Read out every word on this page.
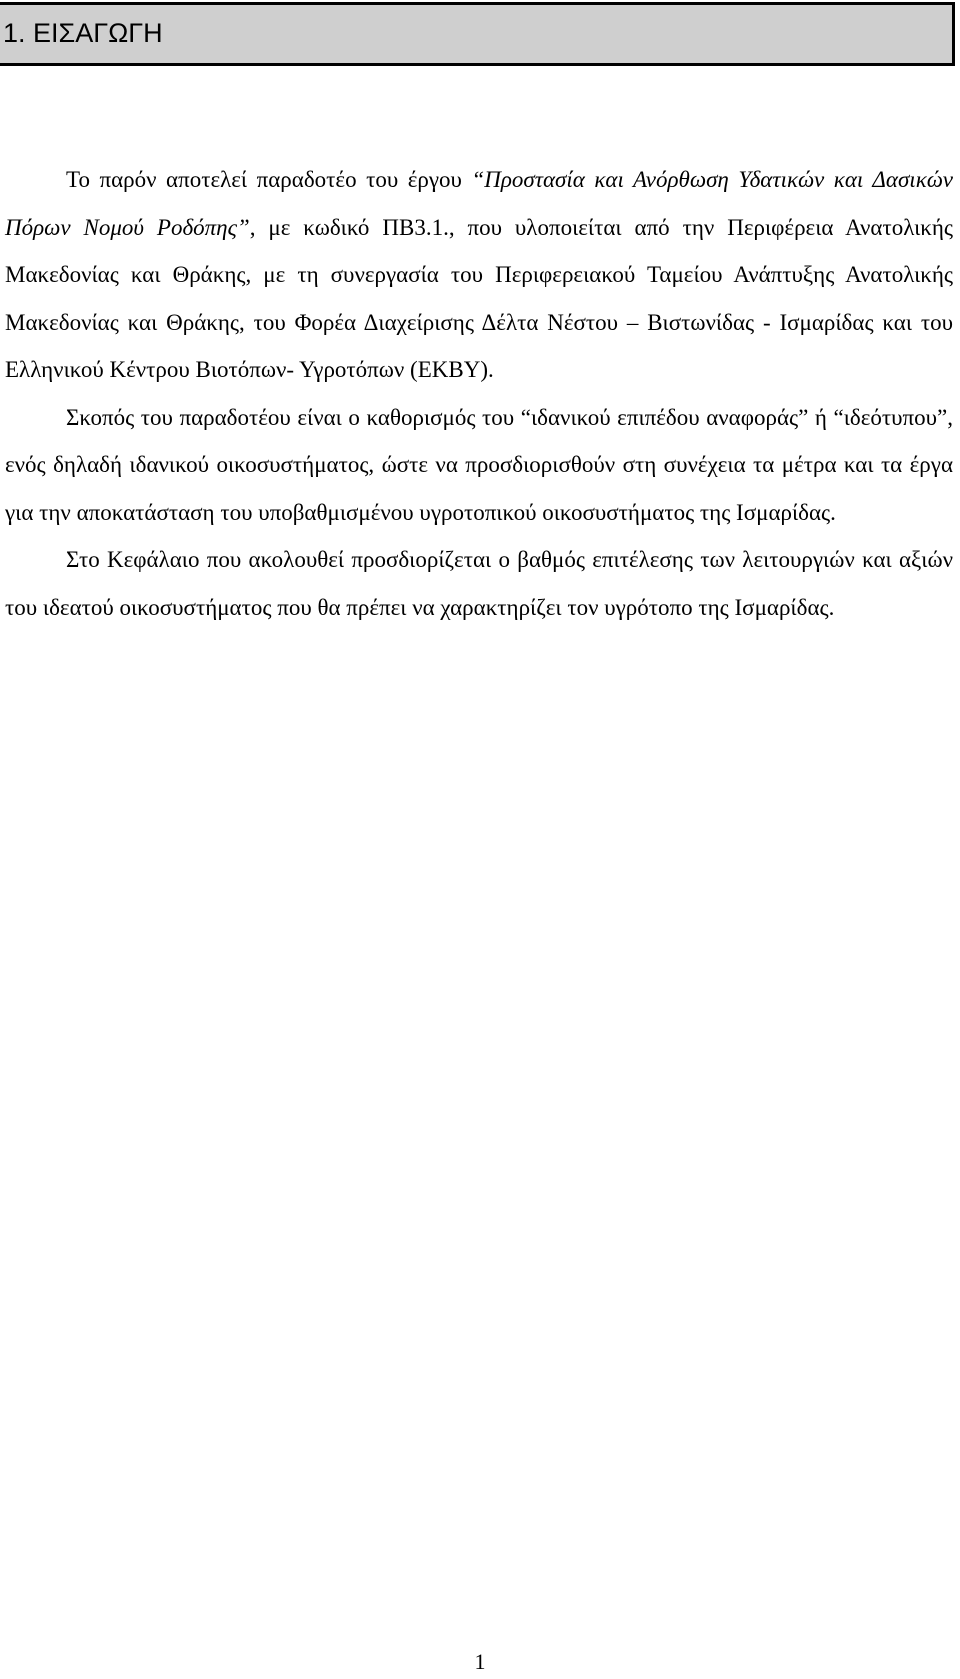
1. ΕΙΣΑΓΩΓΗ

Το παρόν αποτελεί παραδοτέο του έργου “Προστασία και Ανόρθωση Υδατικών και Δασικών Πόρων Νομού Ροδόπης”, με κωδικό ΠΒ3.1., που υλοποιείται από την Περιφέρεια Ανατολικής Μακεδονίας και Θράκης, με τη συνεργασία του Περιφερειακού Ταμείου Ανάπτυξης Ανατολικής Μακεδονίας και Θράκης, του Φορέα Διαχείρισης Δέλτα Νέστου – Βιστωνίδας - Ισμαρίδας και του Ελληνικού Κέντρου Βιοτόπων- Υγροτόπων (ΕΚΒΥ).

Σκοπός του παραδοτέου είναι ο καθορισμός του “ιδανικού επιπέδου αναφοράς” ή “ιδεότυπου”, ενός δηλαδή ιδανικού οικοσυστήματος, ώστε να προσδιορισθούν στη συνέχεια τα μέτρα και τα έργα για την αποκατάσταση του υποβαθμισμένου υγροτοπικού οικοσυστήματος της Ισμαρίδας.

Στο Κεφάλαιο που ακολουθεί προσδιορίζεται ο βαθμός επιτέλεσης των λειτουργιών και αξιών του ιδεατού οικοσυστήματος που θα πρέπει να χαρακτηρίζει τον υγρότοπο της Ισμαρίδας.

1
